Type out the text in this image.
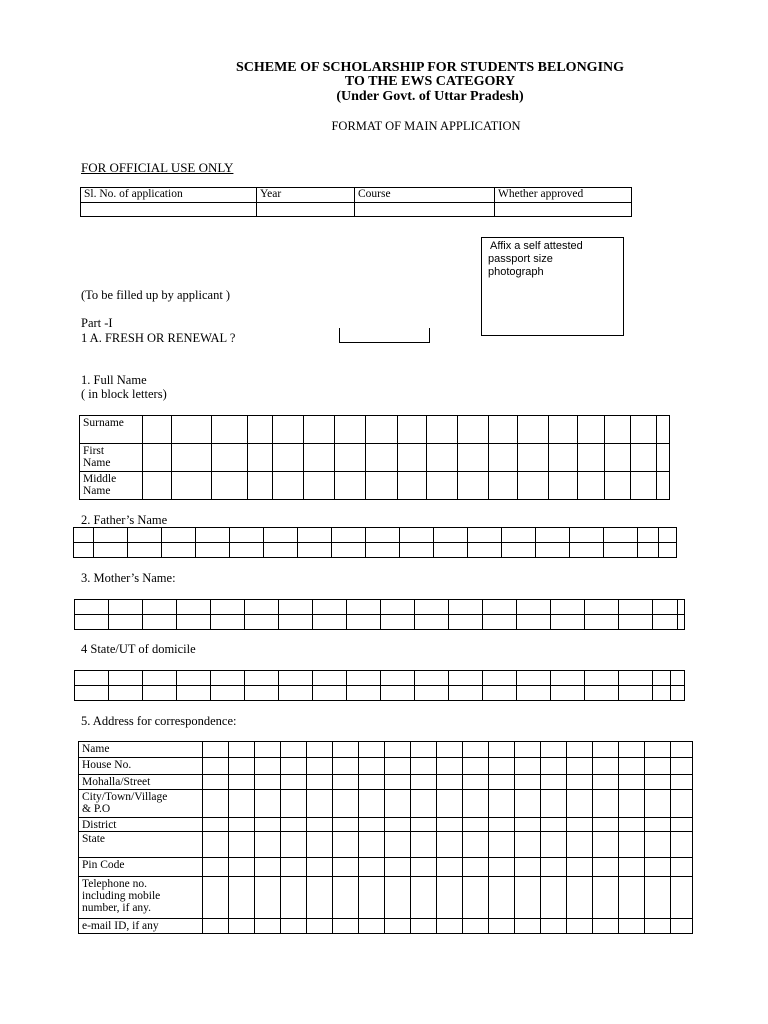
SCHEME OF SCHOLARSHIP FOR STUDENTS BELONGING
TO THE EWS CATEGORY
(Under Govt. of Uttar Pradesh)
FORMAT OF MAIN APPLICATION
FOR OFFICIAL USE ONLY
Sl. No. of application	Year	Course	Whether approved

Affix a self attested
passport size
photograph
(To be filled up by applicant )
Part -I
1 A. FRESH OR RENEWAL ?
1. Full Name
( in block letters)
Surname																		

First
Name																		

Middle
Name																		

2. Father’s Name

3. Mother’s Name:

4 State/UT of domicile

5. Address for correspondence:
Name																			

House No.																			

Mohalla/Street																			

City/Town/Village
& P.O																			

District																			

State																			

Pin Code																			

Telephone no.
including mobile
number, if any.																			

e-mail ID, if any																			
